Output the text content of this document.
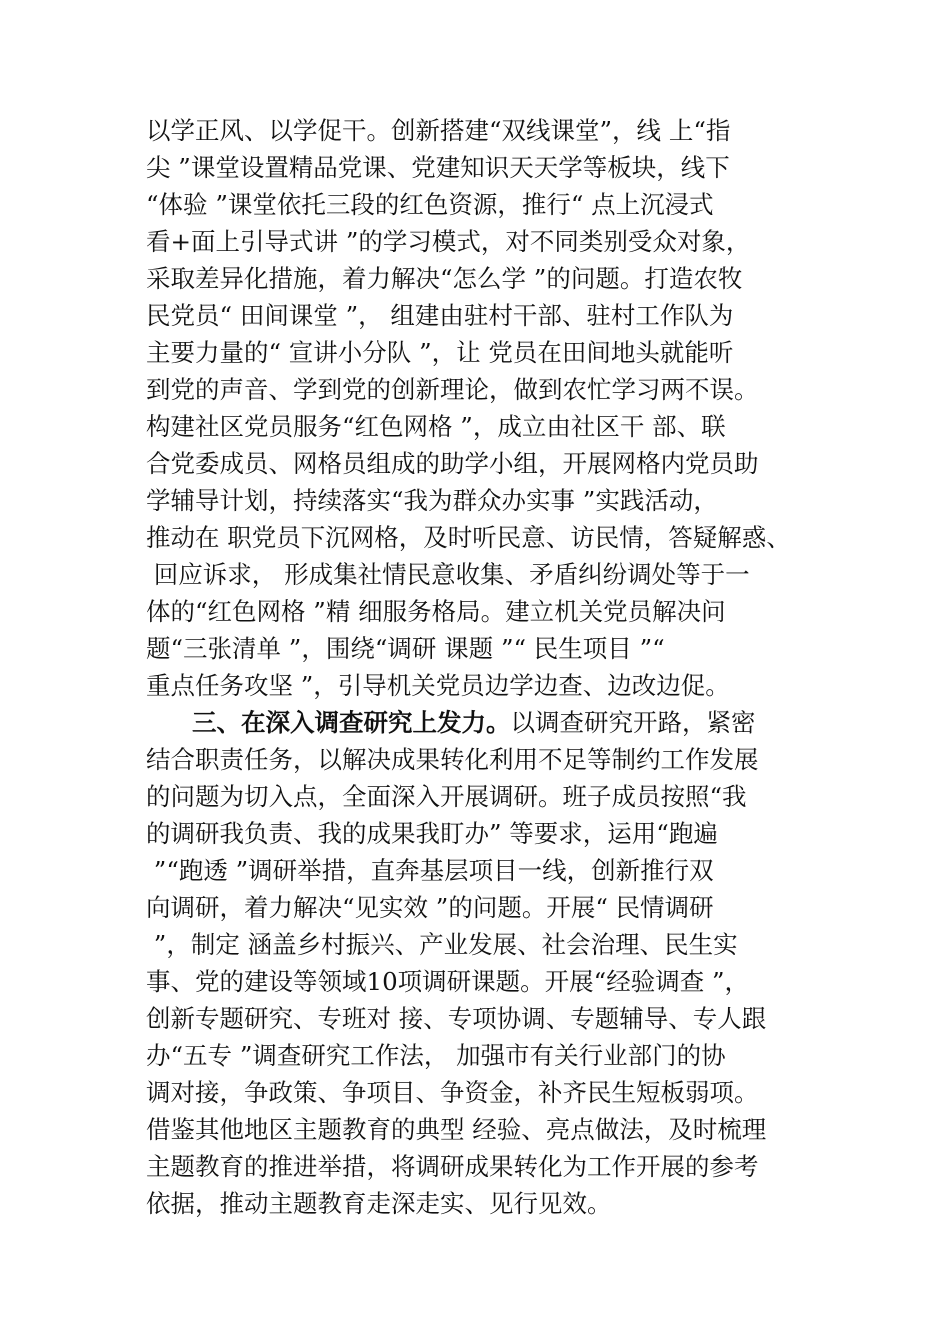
以学正风、以学促干。创新搭建“双线课堂”，线 上“指
尖 ”课堂设置精品党课、党建知识天天学等板块，线下
“体验 ”课堂依托三段的红色资源，推行“ 点上沉浸式
看+面上引导式讲 ”的学习模式，对不同类别受众对象，
采取差异化措施，着力解决“怎么学 ”的问题。打造农牧
民党员“ 田间课堂 ”， 组建由驻村干部、驻村工作队为
主要力量的“ 宣讲小分队 ”，让 党员在田间地头就能听
到党的声音、学到党的创新理论，做到农忙学习两不误。
构建社区党员服务“红色网格 ”，成立由社区干 部、联
合党委成员、网格员组成的助学小组，开展网格内党员助
学辅导计划，持续落实“我为群众办实事 ”实践活动，
推动在 职党员下沉网格，及时听民意、访民情，答疑解惑、
回应诉求， 形成集社情民意收集、矛盾纠纷调处等于一
体的“红色网格 ”精 细服务格局。建立机关党员解决问
题“三张清单 ”，围绕“调研 课题 ”“ 民生项目 ”“
重点任务攻坚 ”，引导机关党员边学边查、边改边促。
三、在深入调查研究上发力。以调查研究开路，紧密
结合职责任务，以解决成果转化利用不足等制约工作发展
的问题为切入点，全面深入开展调研。班子成员按照“我
的调研我负责、我的成果我盯办” 等要求，运用“跑遍
”“跑透 ”调研举措，直奔基层项目一线，创新推行双
向调研，着力解决“见实效 ”的问题。开展“ 民情调研
”，制定 涵盖乡村振兴、产业发展、社会治理、民生实
事、党的建设等领域10项调研课题。开展“经验调查 ”，
创新专题研究、专班对 接、专项协调、专题辅导、专人跟
办“五专 ”调查研究工作法， 加强市有关行业部门的协
调对接，争政策、争项目、争资金，补齐民生短板弱项。
借鉴其他地区主题教育的典型 经验、亮点做法，及时梳理
主题教育的推进举措，将调研成果转化为工作开展的参考
依据，推动主题教育走深走实、见行见效。
